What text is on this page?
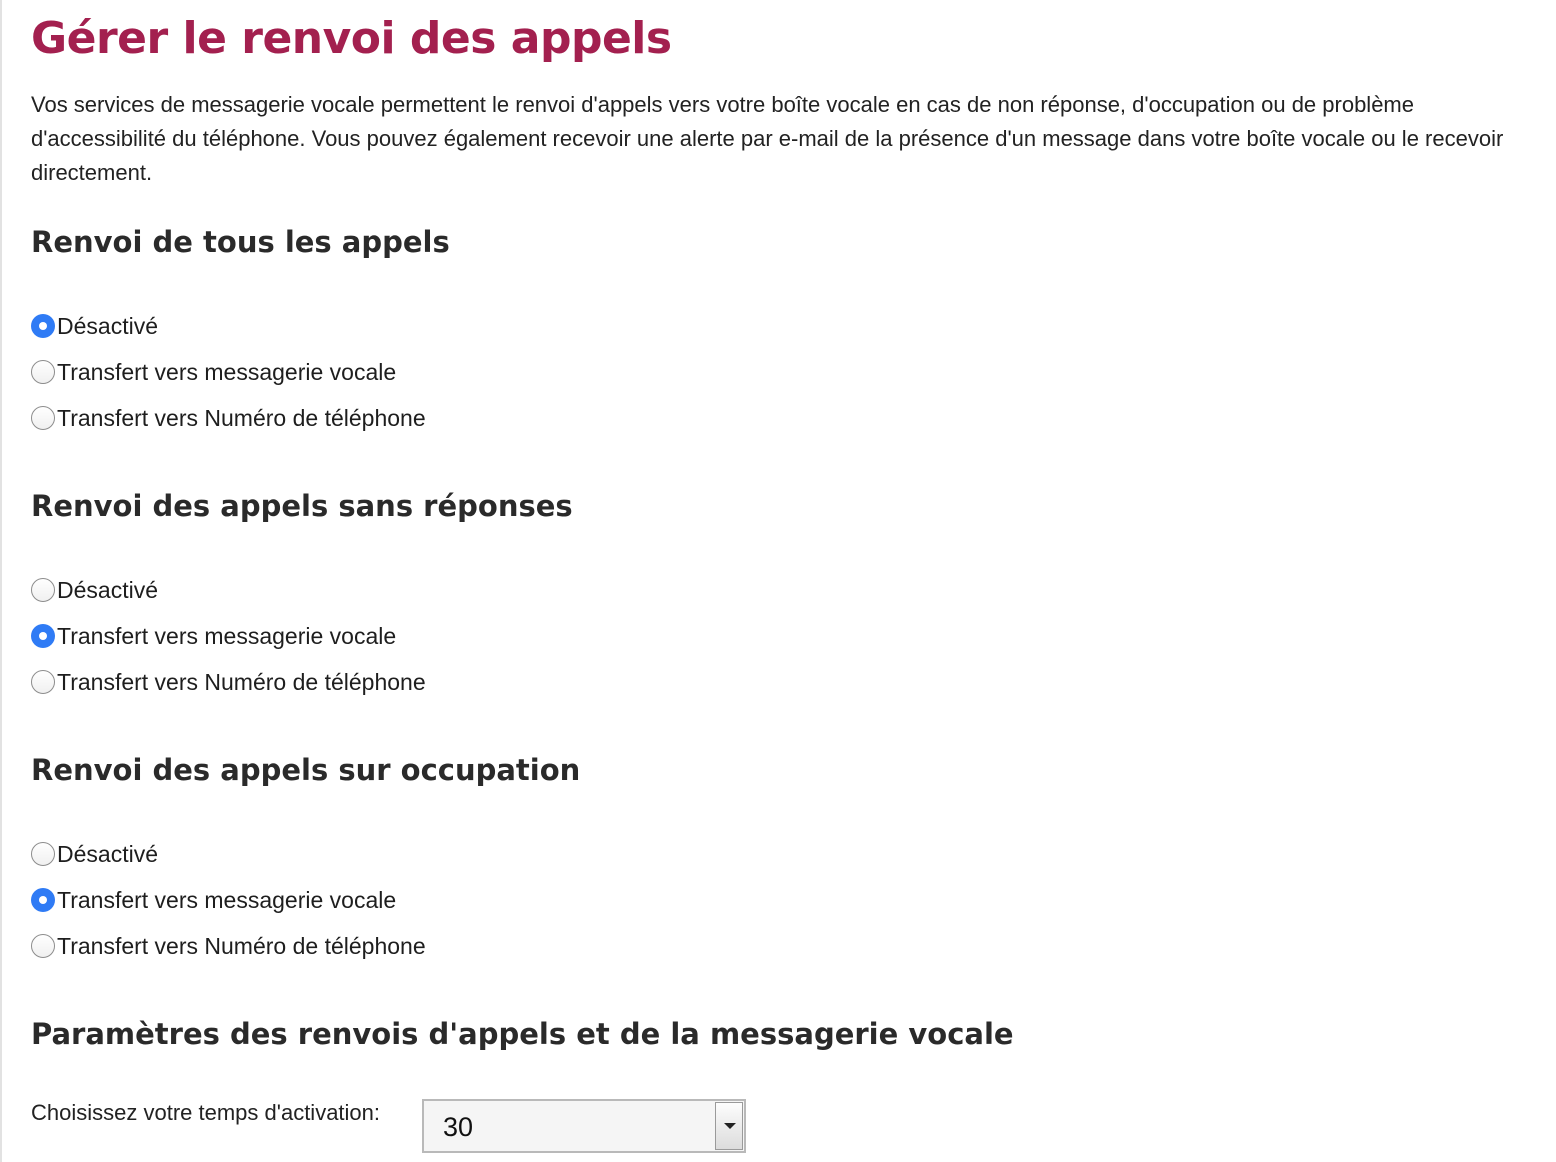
Gérer le renvoi des appels

Vos services de messagerie vocale permettent le renvoi d'appels vers votre boîte vocale en cas de non réponse, d'occupation ou de problème d'accessibilité du téléphone. Vous pouvez également recevoir une alerte par e-mail de la présence d'un message dans votre boîte vocale ou le recevoir directement.

Renvoi de tous les appels
Désactivé
Transfert vers messagerie vocale
Transfert vers Numéro de téléphone
Renvoi des appels sans réponses
Désactivé
Transfert vers messagerie vocale
Transfert vers Numéro de téléphone
Renvoi des appels sur occupation
Désactivé
Transfert vers messagerie vocale
Transfert vers Numéro de téléphone
Paramètres des renvois d'appels et de la messagerie vocale
Choisissez votre temps d'activation: 30
